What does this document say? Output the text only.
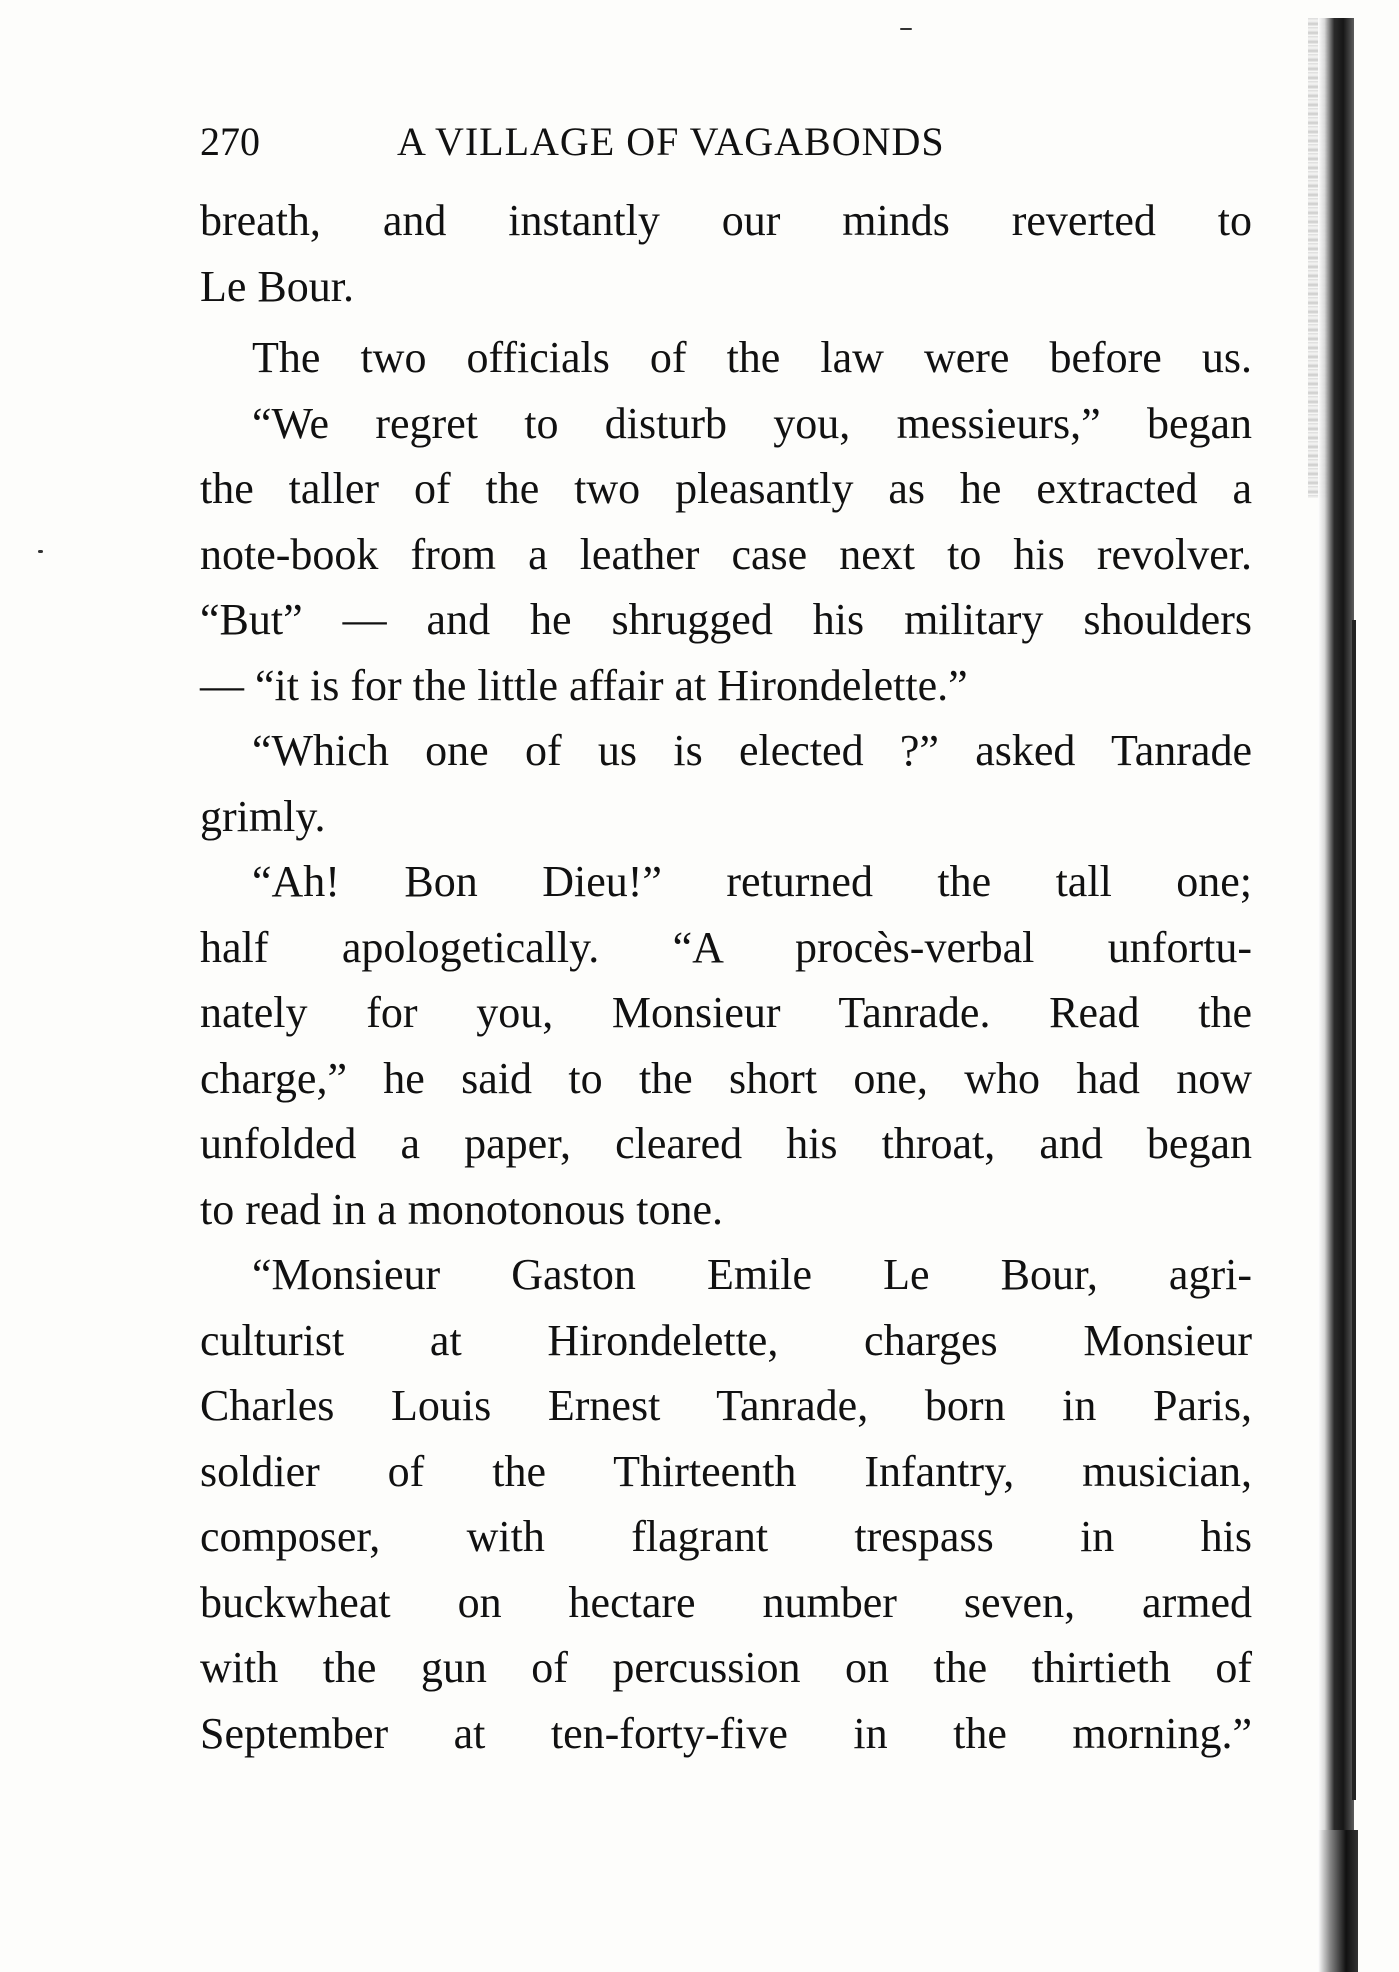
270	A VILLAGE OF VAGABONDS
breath, and instantly our minds reverted to
Le Bour.
The two officials of the law were before us.
“We regret to disturb you, messieurs,” began
the taller of the two pleasantly as he extracted a
note-book from a leather case next to his revolver.
“But” — and he shrugged his military shoulders
— “it is for the little affair at Hirondelette.”
“Which one of us is elected ?” asked Tanrade
grimly.
“Ah! Bon Dieu!” returned the tall one;
half apologetically. “A procès-verbal unfortu-
nately for you, Monsieur Tanrade. Read the
charge,” he said to the short one, who had now
unfolded a paper, cleared his throat, and began
to read in a monotonous tone.
“Monsieur Gaston Emile Le Bour, agri-
culturist at Hirondelette, charges Monsieur
Charles Louis Ernest Tanrade, born in Paris,
soldier of the Thirteenth Infantry, musician,
composer, with flagrant trespass in his
buckwheat on hectare number seven, armed
with the gun of percussion on the thirtieth of
September at ten-forty-five in the morning.”
